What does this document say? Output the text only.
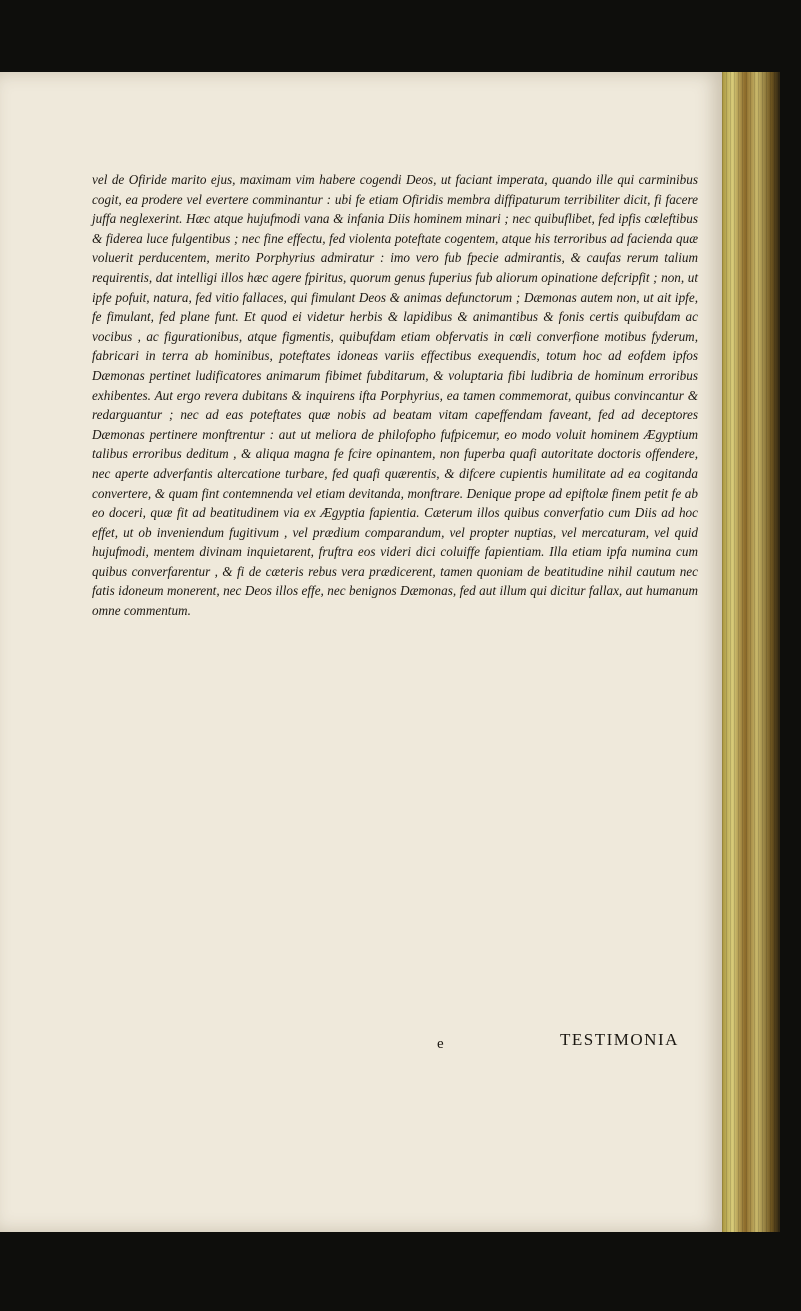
vel de Ofiride marito ejus, maximam vim habere cogendi Deos, ut faciant imperata, quando ille qui carminibus cogit, ea prodere vel evertere comminantur : ubi fe etiam Ofiridis membra diffipaturum terribiliter dicit, fi facere juffa neglexerint. Hæc atque hujufmodi vana & infania Diis hominem minari ; nec quibuflibet, fed ipfis cœleftibus & fiderea luce fulgentibus ; nec fine effectu, fed violenta poteftate cogentem, atque his terroribus ad facienda quæ voluerit perducentem, merito Porphyrius admiratur : imo vero fub fpecie admirantis, & caufas rerum talium requirentis, dat intelligi illos hæc agere fpiritus, quorum genus fuperius fub aliorum opinatione defcripfit ; non, ut ipfe pofuit, natura, fed vitio fallaces, qui fimulant Deos & animas defunctorum ; Dæmonas autem non, ut ait ipfe, fe fimulant, fed plane funt. Et quod ei videtur herbis & lapidibus & animantibus & fonis certis quibufdam ac vocibus , ac figurationibus, atque figmentis, quibufdam etiam obfervatis in cœli converfione motibus fyderum, fabricari in terra ab hominibus, poteftates idoneas variis effectibus exequendis, totum hoc ad eofdem ipfos Dæmonas pertinet ludificatores animarum fibimet fubditarum, & voluptaria fibi ludibria de hominum erroribus exhibentes. Aut ergo revera dubitans & inquirens ifta Porphyrius, ea tamen commemorat, quibus convincantur & redarguantur ; nec ad eas poteftates quæ nobis ad beatam vitam capeffendam faveant, fed ad deceptores Dæmonas pertinere monftrentur : aut ut meliora de philofopho fufpicemur, eo modo voluit hominem Ægyptium talibus erroribus deditum , & aliqua magna fe fcire opinantem, non fuperba quafi autoritate doctoris offendere, nec aperte adverfantis altercatione turbare, fed quafi quærentis, & difcere cupientis humilitate ad ea cogitanda convertere, & quam fint contemnenda vel etiam devitanda, monftrare. Denique prope ad epiftolæ finem petit fe ab eo doceri, quæ fit ad beatitudinem via ex Ægyptia fapientia. Cæterum illos quibus converfatio cum Diis ad hoc effet, ut ob inveniendum fugitivum , vel prædium comparandum, vel propter nuptias, vel mercaturam, vel quid hujufmodi, mentem divinam inquietarent, fruftra eos videri dici coluiffe fapientiam. Illa etiam ipfa numina cum quibus converfarentur , & fi de cæteris rebus vera prædicerent, tamen quoniam de beatitudine nihil cautum nec fatis idoneum monerent, nec Deos illos effe, nec benignos Dæmonas, fed aut illum qui dicitur fallax, aut humanum omne commentum.

e	TESTIMONIA
